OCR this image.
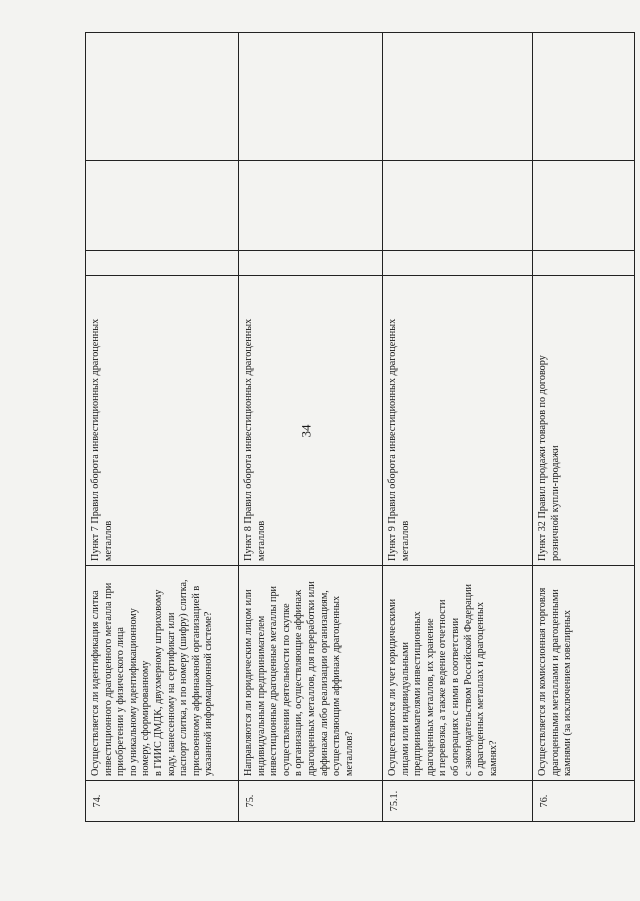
34
74.
Осуществляется ли идентификация слитка инвестиционного драгоценного металла при приобретении у физического лица по уникальному идентификационному номеру, сформированному в ГИИС ДМДК, двухмерному штриховому коду, нанесенному на сертификат или паспорт слитка, и по номеру (шифру) слитка, присвоенному аффинажной организацией в указанной информационной системе?
Пункт 7 Правил оборота инвестиционных драгоценных металлов
75.
Направляются ли юридическим лицом или индивидуальным предпринимателем инвестиционные драгоценные металлы при осуществлении деятельности по скупке в организации, осуществляющие аффинаж драгоценных металлов, для переработки или аффинажа либо реализации организациям, осуществляющим аффинаж драгоценных металлов?
Пункт 8 Правил оборота инвестиционных драгоценных металлов
75.1.
Осуществляются ли учет юридическими лицами или индивидуальными предпринимателями инвестиционных драгоценных металлов, их хранение и перевозка, а также ведение отчетности об операциях с ними в соответствии с законодательством Российской Федерации о драгоценных металлах и драгоценных камнях?
Пункт 9 Правил оборота инвестиционных драгоценных металлов
76.
Осуществляется ли комиссионная торговля драгоценными металлами и драгоценными камнями (за исключением ювелирных
Пункт 32 Правил продажи товаров по договору розничной купли-продажи
